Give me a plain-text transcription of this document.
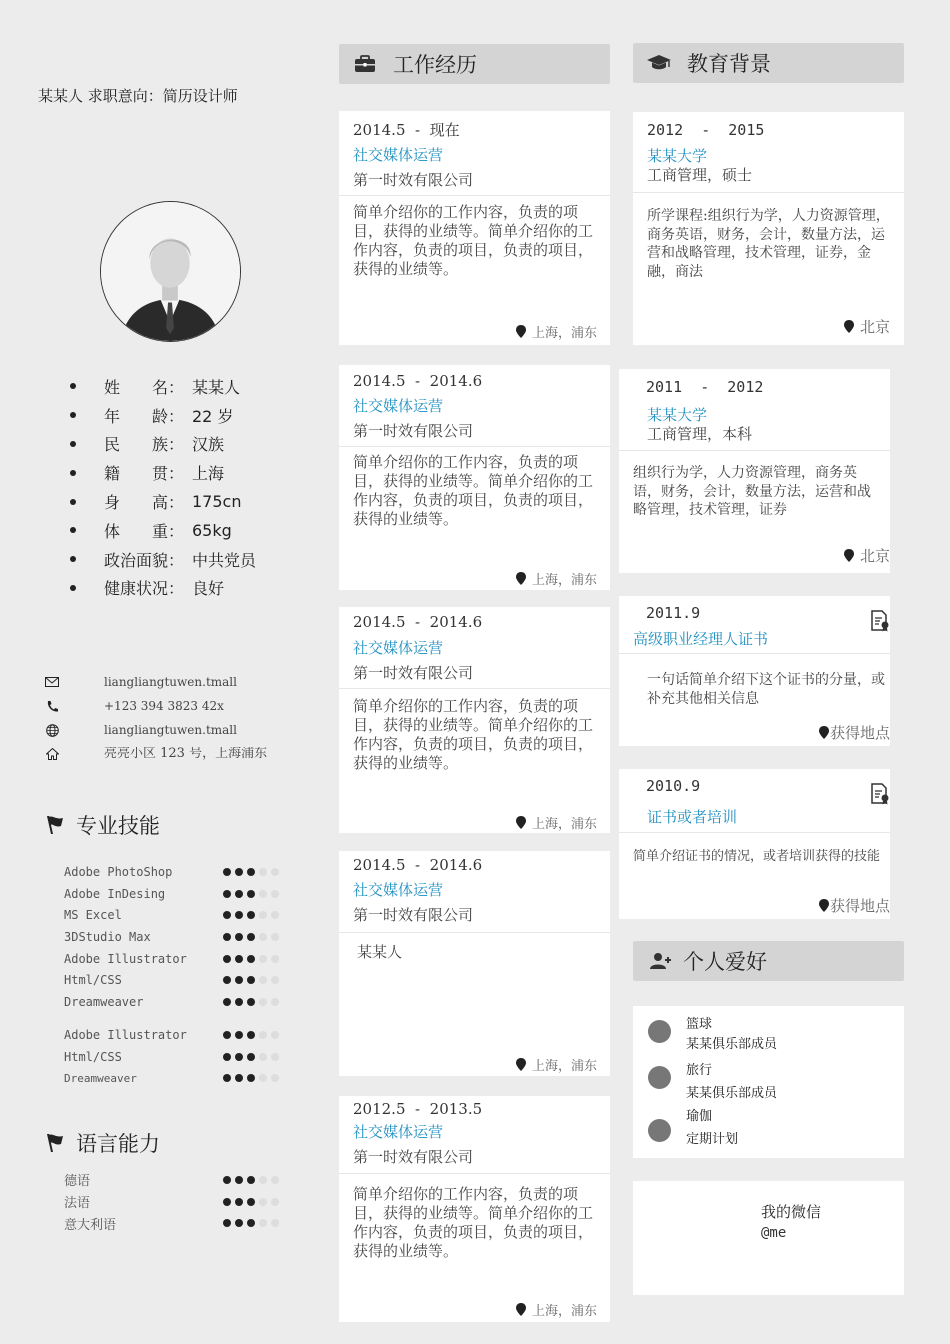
某某人 求职意向：简历设计师
姓　　名： 某某人
年　　龄： 22 岁
民　　族： 汉族
籍　　贯： 上海
身　　高： 175cn
体　　重： 65kg
政治面貌： 中共党员
健康状况： 良好
liangliangtuwen.tmall
+123 394 3823 42x
liangliangtuwen.tmall
亮亮小区 123 号，上海浦东
专业技能
Adobe PhotoShop
Adobe InDesing
MS Excel
3DStudio Max
Adobe Illustrator
Html/CSS
Dreamweaver
Adobe Illustrator
Html/CSS
Dreamweaver
语言能力
德语
法语
意大利语
工作经历
2014.5 - 现在
社交媒体运营
第一时效有限公司
简单介绍你的工作内容，负责的项目，获得的业绩等。简单介绍你的工作内容，负责的项目，负责的项目，获得的业绩等。
上海，浦东
2014.5 - 2014.6
社交媒体运营
第一时效有限公司
简单介绍你的工作内容，负责的项目，获得的业绩等。简单介绍你的工作内容，负责的项目，负责的项目，获得的业绩等。
上海，浦东
2014.5 - 2014.6
社交媒体运营
第一时效有限公司
简单介绍你的工作内容，负责的项目，获得的业绩等。简单介绍你的工作内容，负责的项目，负责的项目，获得的业绩等。
上海，浦东
2014.5 - 2014.6
社交媒体运营
第一时效有限公司
某某人
上海，浦东
2012.5 - 2013.5
社交媒体运营
第一时效有限公司
简单介绍你的工作内容，负责的项目，获得的业绩等。简单介绍你的工作内容，负责的项目，负责的项目，获得的业绩等。
上海，浦东
教育背景
2012 - 2015
某某大学
工商管理，硕士
所学课程:组织行为学，人力资源管理，商务英语，财务，会计，数量方法，运营和战略管理，技术管理，证券，金融，商法
北京
2011 - 2012
某某大学
工商管理，本科
组织行为学，人力资源管理，商务英语，财务，会计，数量方法，运营和战略管理，技术管理，证券
北京
2011.9
高级职业经理人证书
一句话简单介绍下这个证书的分量，或补充其他相关信息
获得地点
2010.9
证书或者培训
简单介绍证书的情况，或者培训获得的技能
获得地点
个人爱好
篮球
某某俱乐部成员
旅行
某某俱乐部成员
瑜伽
定期计划
我的微信
@me
